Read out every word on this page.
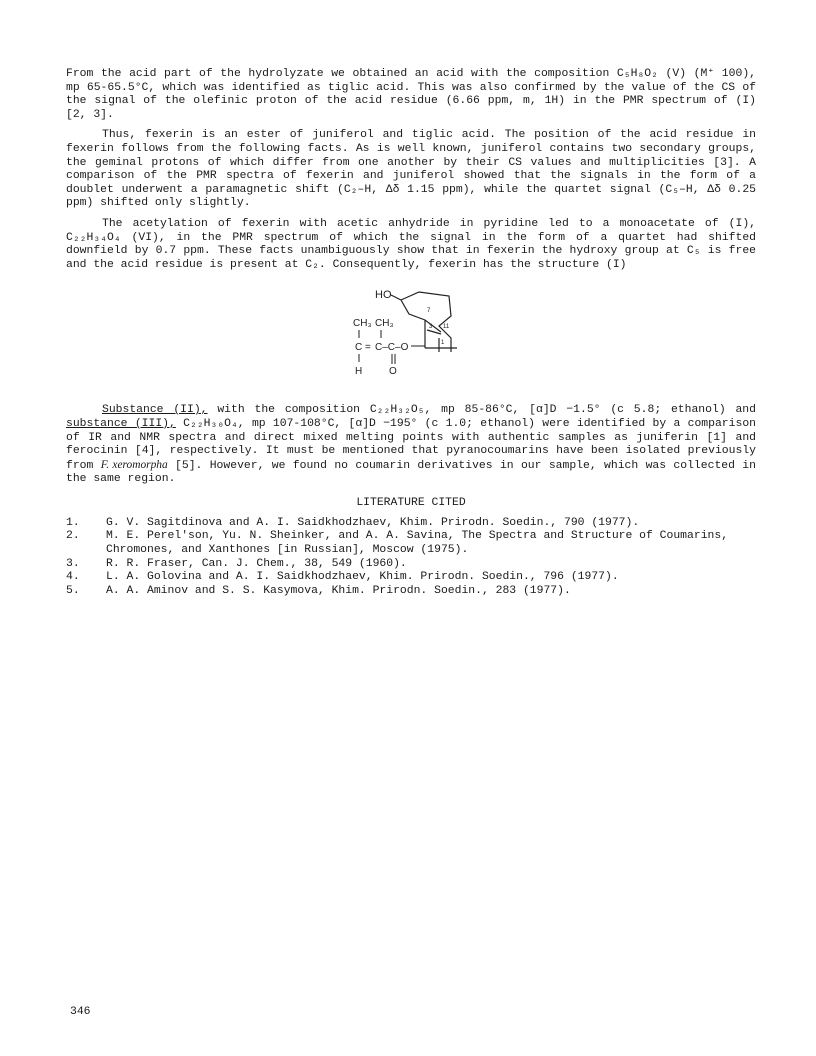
From the acid part of the hydrolyzate we obtained an acid with the composition C₅H₈O₂ (V) (M⁺ 100), mp 65-65.5°C, which was identified as tiglic acid. This was also confirmed by the value of the CS of the signal of the olefinic proton of the acid residue (6.66 ppm, m, 1H) in the PMR spectrum of (I) [2, 3].

Thus, fexerin is an ester of juniferol and tiglic acid. The position of the acid residue in fexerin follows from the following facts. As is well known, juniferol contains two secondary groups, the geminal protons of which differ from one another by their CS values and multiplicities [3]. A comparison of the PMR spectra of fexerin and juniferol showed that the signals in the form of a doublet underwent a paramagnetic shift (C₂–H, Δδ 1.15 ppm), while the quartet signal (C₅–H, Δδ 0.25 ppm) shifted only slightly.

The acetylation of fexerin with acetic anhydride in pyridine led to a monoacetate of (I), C₂₂H₃₄O₄ (VI), in the PMR spectrum of which the signal in the form of a quartet had shifted downfield by 0.7 ppm. These facts unambiguously show that in fexerin the hydroxy group at C₅ is free and the acid residue is present at C₂. Consequently, fexerin has the structure (I)

HO
7
3 11
1
CH₃ CH₃
C = C–C–O
H	O

Substance (II), with the composition C₂₂H₃₂O₅, mp 85-86°C, [α]D −1.5° (c 5.8; ethanol) and substance (III), C₂₂H₃₀O₄, mp 107-108°C, [α]D −195° (c 1.0; ethanol) were identified by a comparison of IR and NMR spectra and direct mixed melting points with authentic samples as juniferin [1] and ferocinin [4], respectively. It must be mentioned that pyranocoumarins have been isolated previously from F. xeromorpha [5]. However, we found no coumarin derivatives in our sample, which was collected in the same region.

LITERATURE CITED
1.	G. V. Sagitdinova and A. I. Saidkhodzhaev, Khim. Prirodn. Soedin., 790 (1977).
2.	M. E. Perel'son, Yu. N. Sheinker, and A. A. Savina, The Spectra and Structure of Coumarins, Chromones, and Xanthones [in Russian], Moscow (1975).
3.	R. R. Fraser, Can. J. Chem., 38, 549 (1960).
4.	L. A. Golovina and A. I. Saidkhodzhaev, Khim. Prirodn. Soedin., 796 (1977).
5.	A. A. Aminov and S. S. Kasymova, Khim. Prirodn. Soedin., 283 (1977).
346
